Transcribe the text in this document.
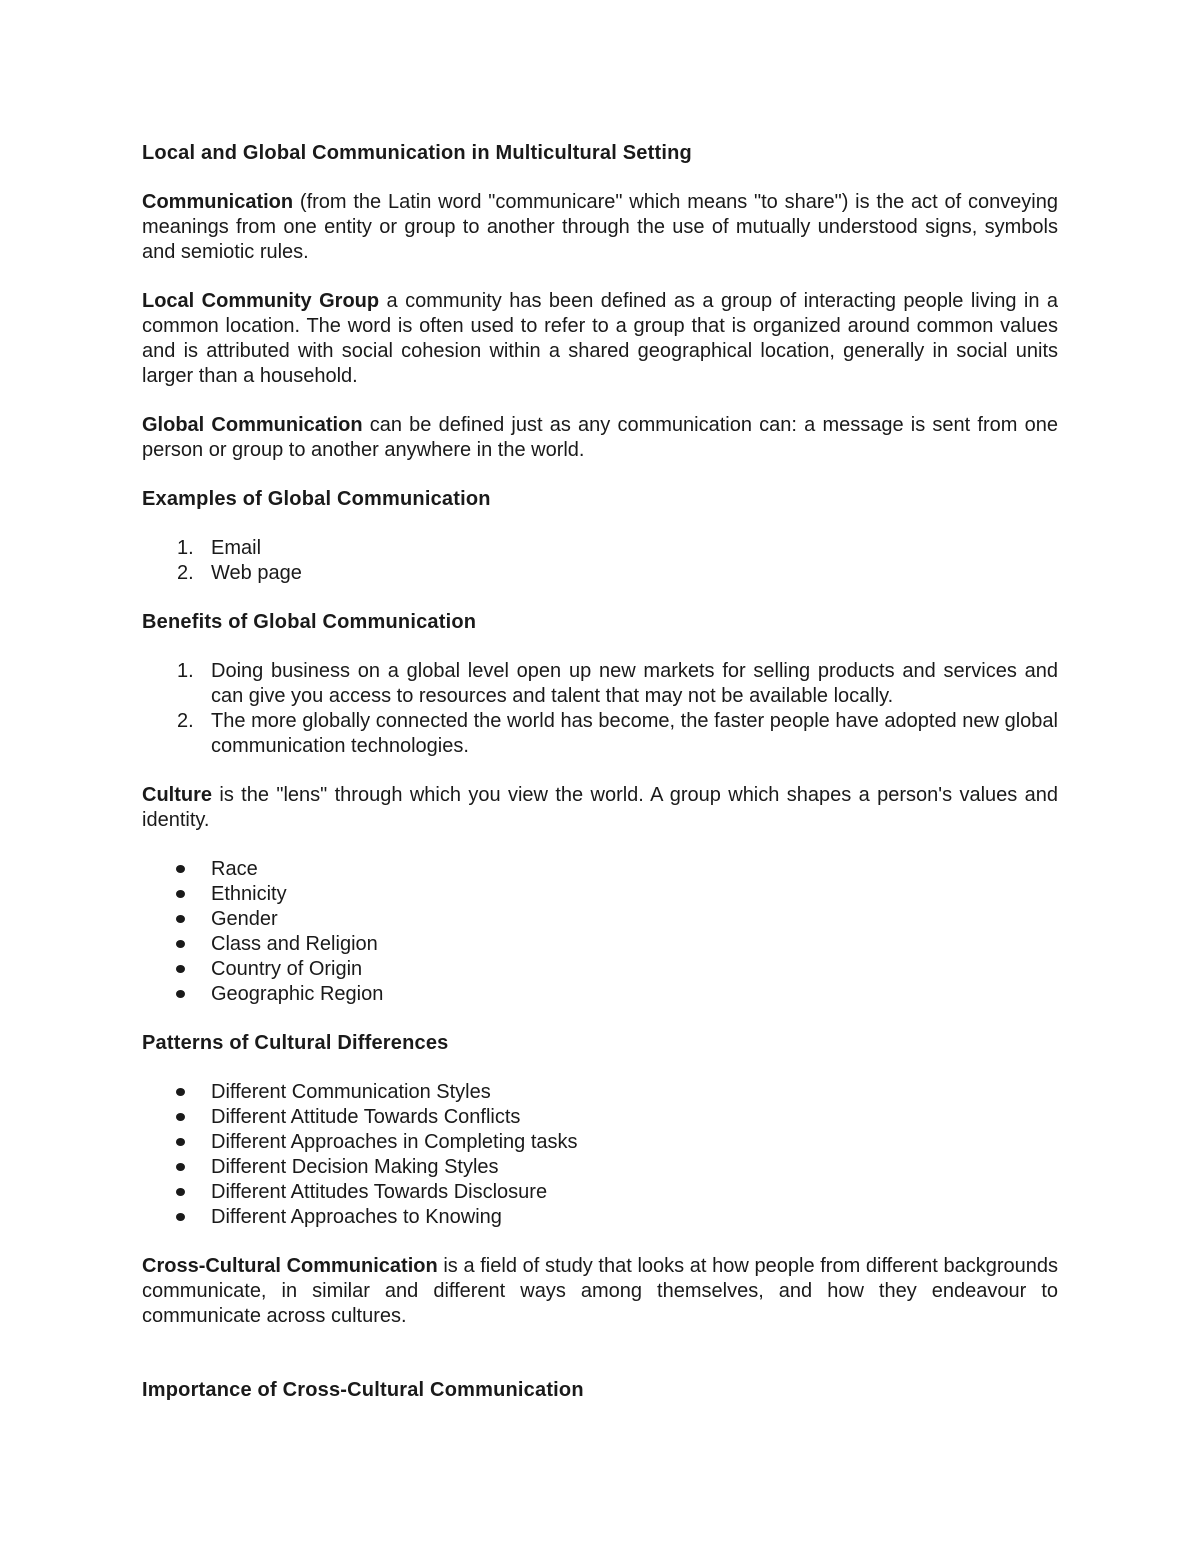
Local and Global Communication in Multicultural Setting

Communication (from the Latin word "communicare" which means "to share") is the act of conveying meanings from one entity or group to another through the use of mutually understood signs, symbols and semiotic rules.

Local Community Group a community has been defined as a group of interacting people living in a common location. The word is often used to refer to a group that is organized around common values and is attributed with social cohesion within a shared geographical location, generally in social units larger than a household.

Global Communication can be defined just as any communication can: a message is sent from one person or group to another anywhere in the world.

Examples of Global Communication

1. Email
2. Web page

Benefits of Global Communication

1. Doing business on a global level open up new markets for selling products and services and can give you access to resources and talent that may not be available locally.
2. The more globally connected the world has become, the faster people have adopted new global communication technologies.

Culture is the "lens" through which you view the world. A group which shapes a person's values and identity.

Race
Ethnicity
Gender
Class and Religion
Country of Origin
Geographic Region

Patterns of Cultural Differences

Different Communication Styles
Different Attitude Towards Conflicts
Different Approaches in Completing tasks
Different Decision Making Styles
Different Attitudes Towards Disclosure
Different Approaches to Knowing

Cross-Cultural Communication is a field of study that looks at how people from different backgrounds communicate, in similar and different ways among themselves, and how they endeavour to communicate across cultures.

Importance of Cross-Cultural Communication
